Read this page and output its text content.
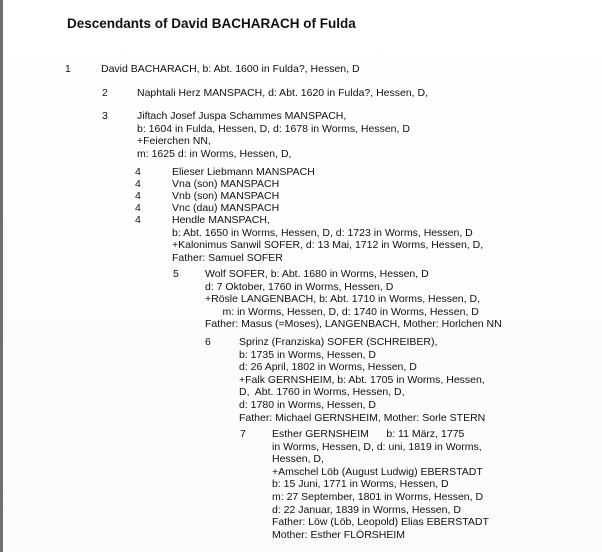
Descendants of David BACHARACH of Fulda
1	David BACHARACH, b: Abt. 1600 in Fulda?, Hessen, D
2	Naphtali Herz MANSPACH, d: Abt. 1620 in Fulda?, Hessen, D,
3	Jiftach Josef Juspa Schammes MANSPACH,
b: 1604 in Fulda, Hessen, D, d: 1678 in Worms, Hessen, D
+Feierchen NN,
m: 1625 d: in Worms, Hessen, D,
4	Elieser Liebmann MANSPACH
4	Vna (son) MANSPACH
4	Vnb (son) MANSPACH
4	Vnc (dau) MANSPACH
4	Hendle MANSPACH,
b: Abt. 1650 in Worms, Hessen, D, d: 1723 in Worms, Hessen, D
+Kalonimus Sanwil SOFER, d: 13 Mai, 1712 in Worms, Hessen, D,
Father: Samuel SOFER
5 Wolf SOFER, b: Abt. 1680 in Worms, Hessen, D
d: 7 Oktober, 1760 in Worms, Hessen, D
+Rösle LANGENBACH, b: Abt. 1710 in Worms, Hessen, D,
m: in Worms, Hessen, D, d: 1740 in Worms, Hessen, D
Father: Masus (=Moses), LANGENBACH, Mother: Horlchen NN
6	Sprinz (Franziska) SOFER (SCHREIBER),
b: 1735 in Worms, Hessen, D
d: 26 April, 1802 in Worms, Hessen, D
+Falk GERNSHEIM, b: Abt. 1705 in Worms, Hessen,
D,  Abt. 1760 in Worms, Hessen, D,
d: 1780 in Worms, Hessen, D
Father: Michael GERNSHEIM, Mother: Sorle STERN
7 Esther GERNSHEIM      b: 11 März, 1775
in Worms, Hessen, D, d: uni, 1819 in Worms,
Hessen, D,
+Amschel Löb (August Ludwig) EBERSTADT
b: 15 Juni, 1771 in Worms, Hessen, D
m: 27 September, 1801 in Worms, Hessen, D
d: 22 Januar, 1839 in Worms, Hessen, D
Father: Löw (Löb, Leopold) Elias EBERSTADT
Mother: Esther FLÖRSHEIM
